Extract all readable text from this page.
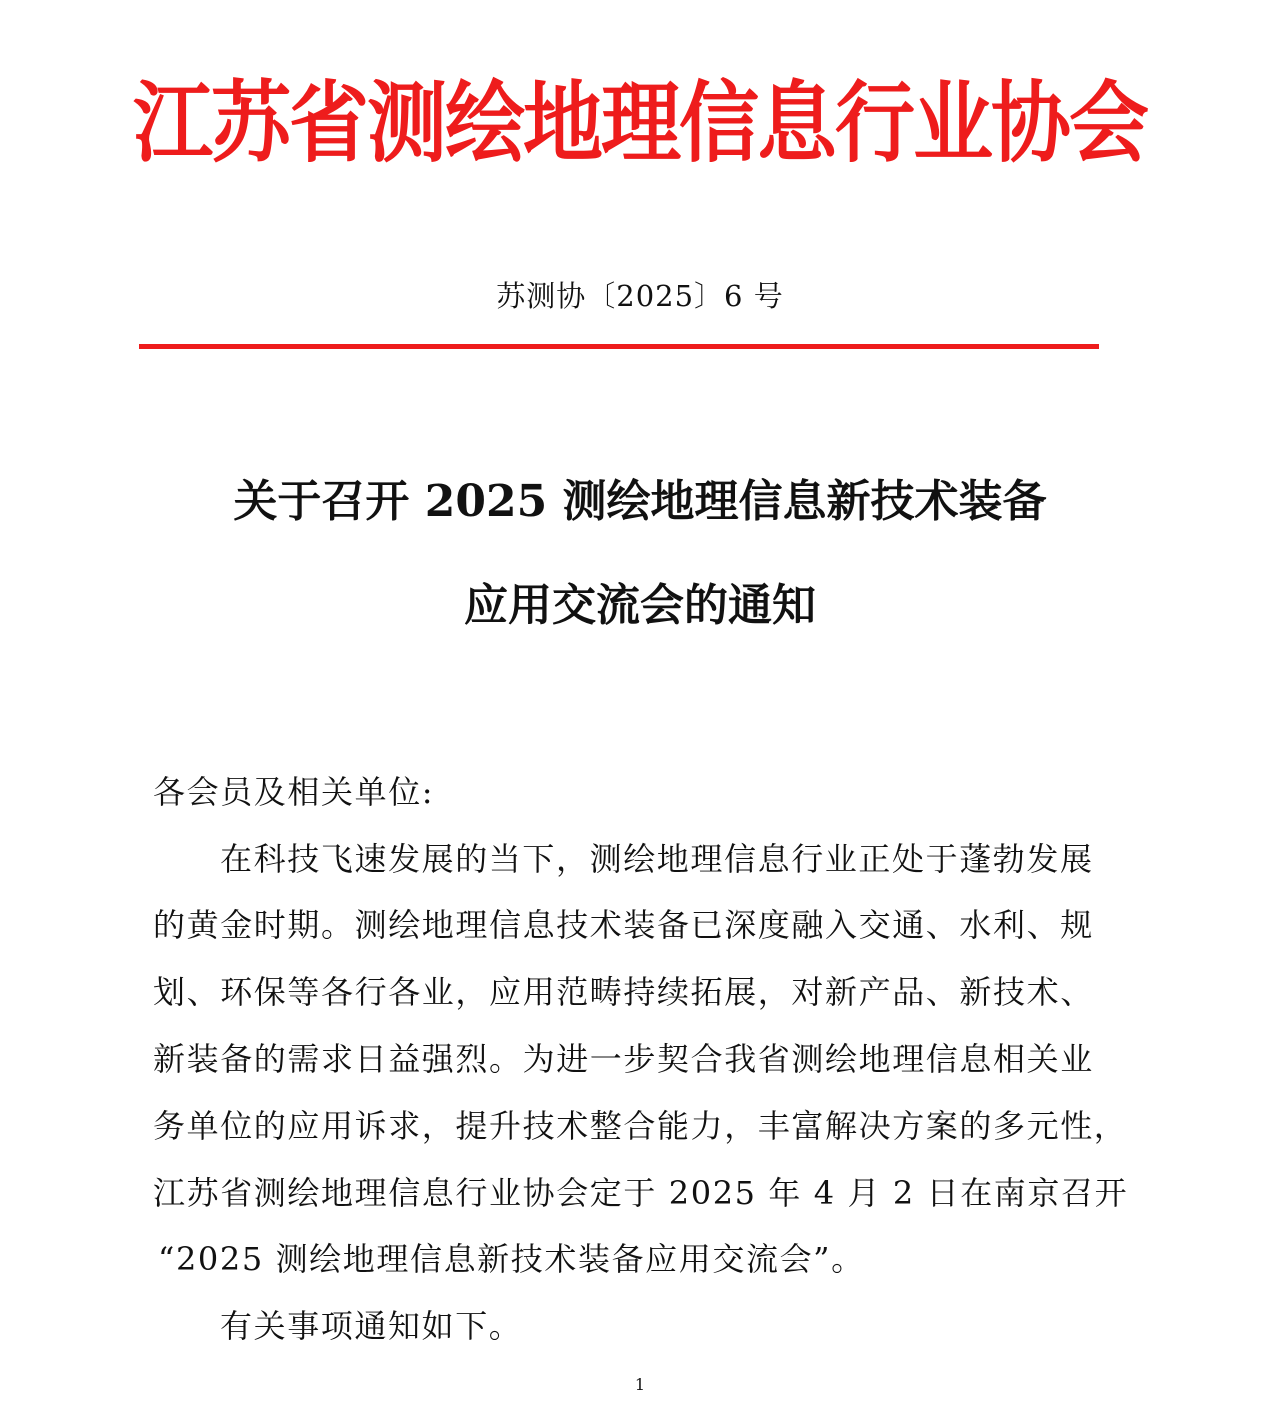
江苏省测绘地理信息行业协会
苏测协〔2025〕6 号
关于召开 2025 测绘地理信息新技术装备
应用交流会的通知
各会员及相关单位:
在科技飞速发展的当下，测绘地理信息行业正处于蓬勃发展
的黄金时期。测绘地理信息技术装备已深度融入交通、水利、规
划、环保等各行各业，应用范畴持续拓展，对新产品、新技术、
新装备的需求日益强烈。为进一步契合我省测绘地理信息相关业
务单位的应用诉求，提升技术整合能力，丰富解决方案的多元性，
江苏省测绘地理信息行业协会定于 2025 年 4 月 2 日在南京召开
“2025 测绘地理信息新技术装备应用交流会”。
有关事项通知如下。
1
